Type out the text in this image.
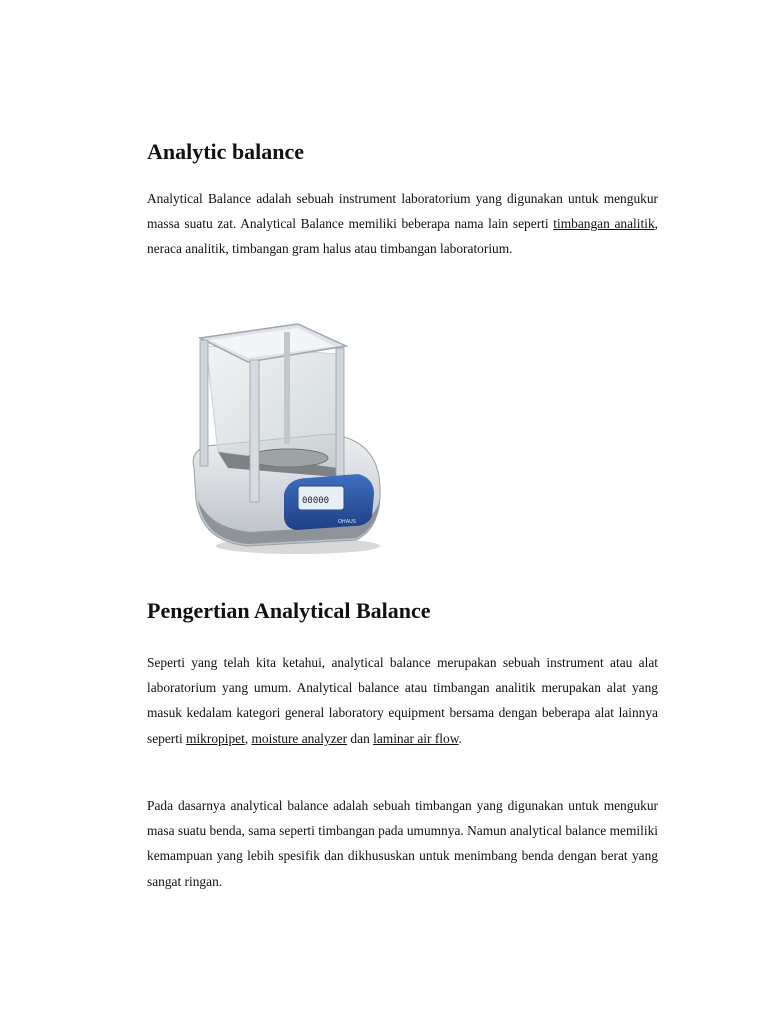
Analytic balance

Analytical Balance adalah sebuah instrument laboratorium yang digunakan untuk mengukur massa suatu zat. Analytical Balance memiliki beberapa nama lain seperti timbangan analitik, neraca analitik, timbangan gram halus atau timbangan laboratorium.

00000
OHAUS
Pengertian Analytical Balance

Seperti yang telah kita ketahui, analytical balance merupakan sebuah instrument atau alat laboratorium yang umum. Analytical balance atau timbangan analitik merupakan alat yang masuk kedalam kategori general laboratory equipment bersama dengan beberapa alat lainnya seperti mikropipet, moisture analyzer dan laminar air flow.

Pada dasarnya analytical balance adalah sebuah timbangan yang digunakan untuk mengukur masa suatu benda, sama seperti timbangan pada umumnya. Namun analytical balance memiliki kemampuan yang lebih spesifik dan dikhususkan untuk menimbang benda dengan berat yang sangat ringan.
